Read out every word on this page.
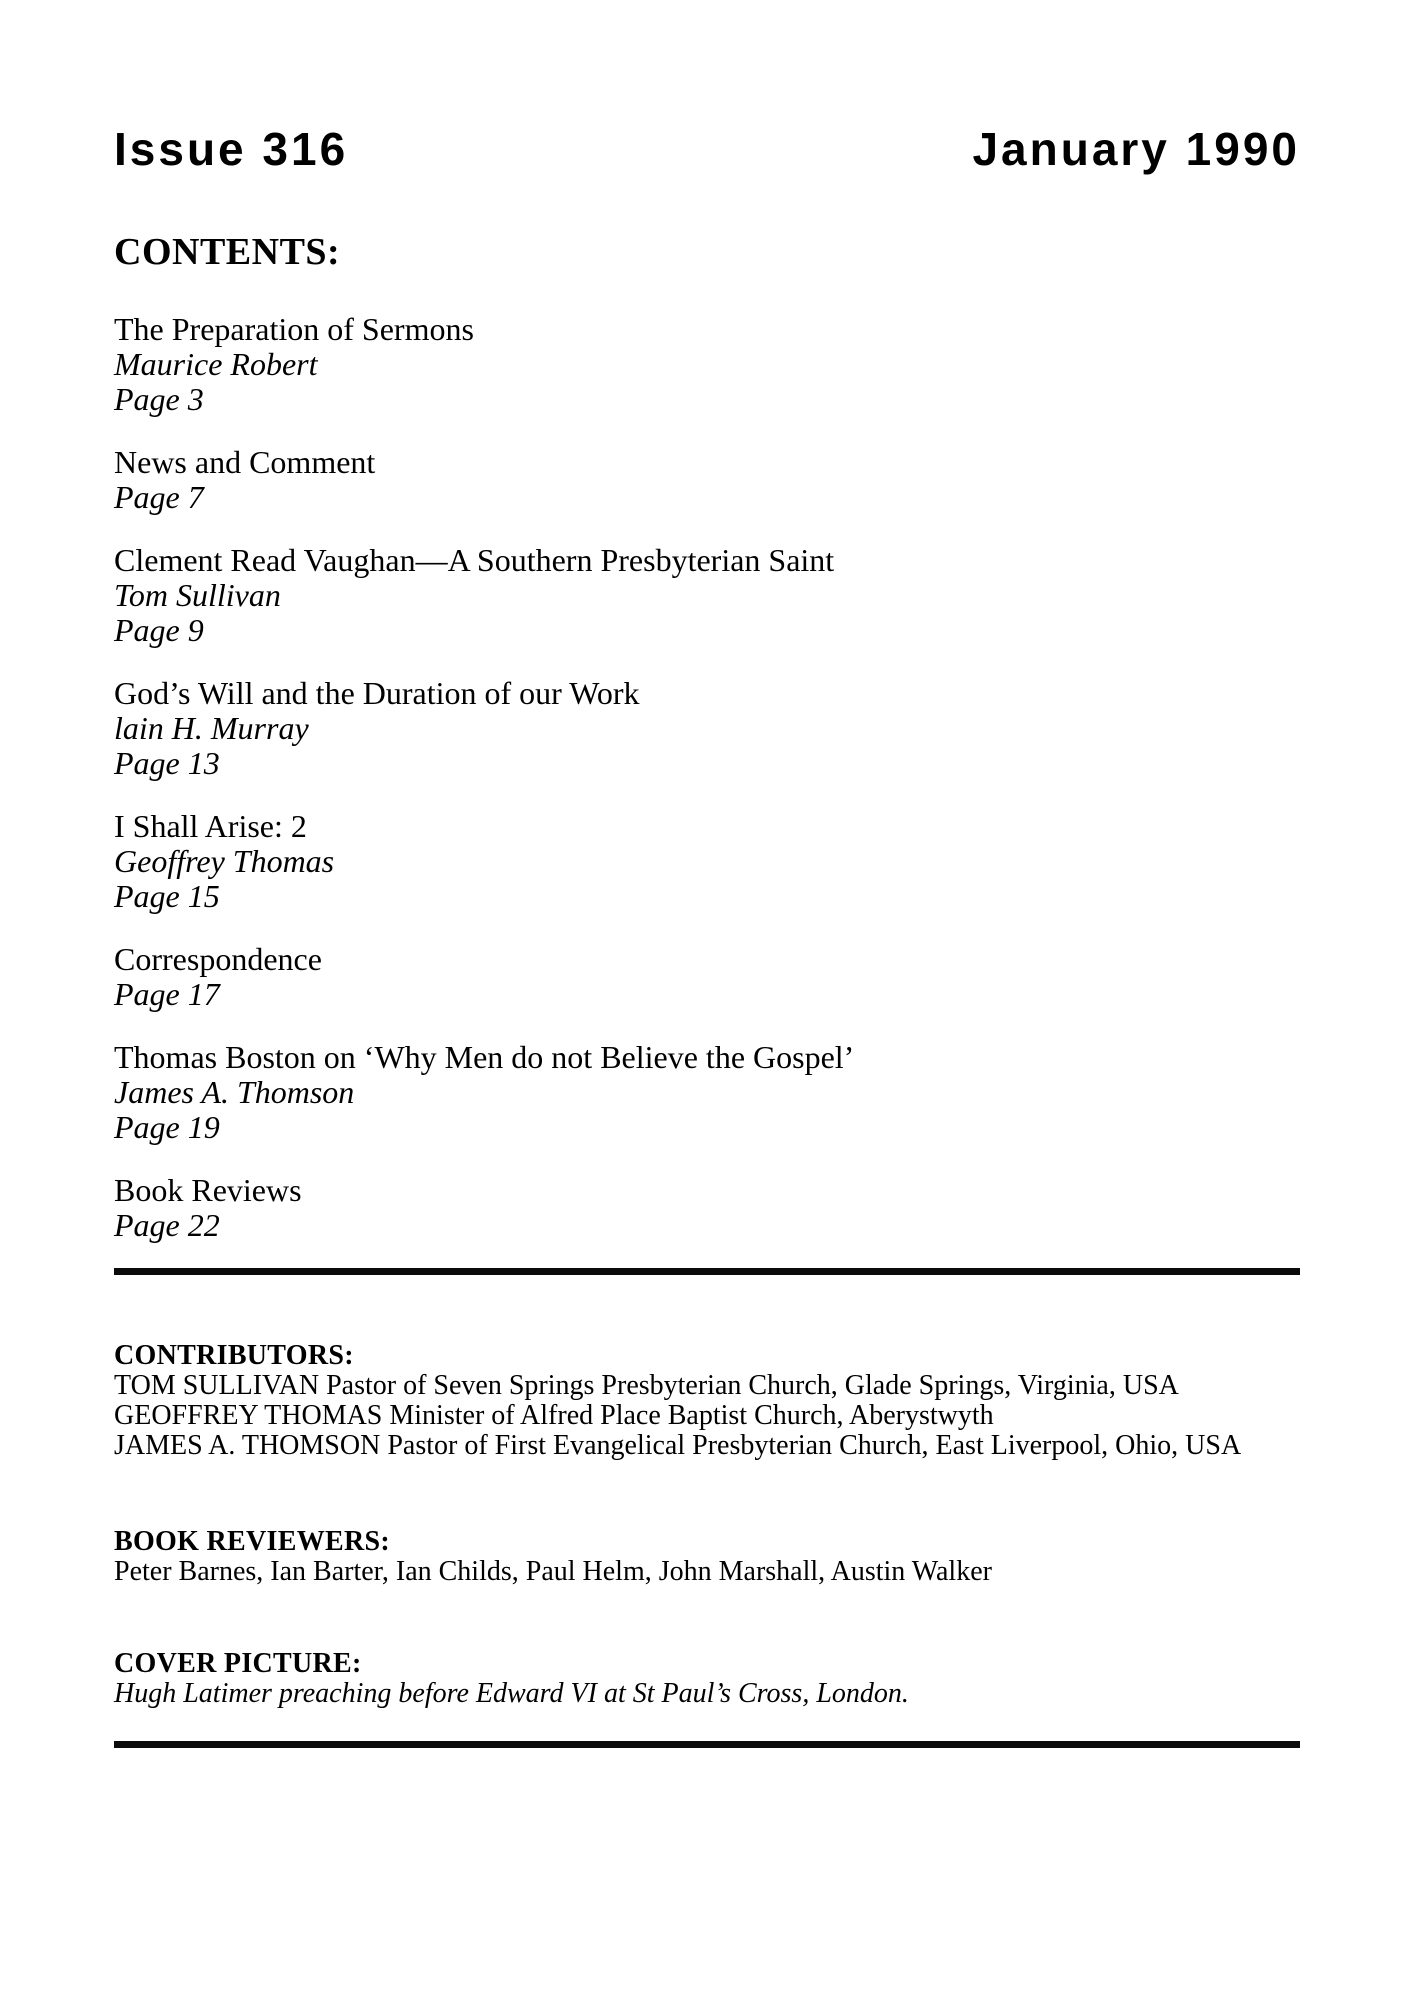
Issue 316	January 1990
CONTENTS:
The Preparation of Sermons
Maurice Robert
Page 3
News and Comment
Page 7
Clement Read Vaughan—A Southern Presbyterian Saint
Tom Sullivan
Page 9
God’s Will and the Duration of our Work
lain H. Murray
Page 13
I Shall Arise: 2
Geoffrey Thomas
Page 15
Correspondence
Page 17
Thomas Boston on ‘Why Men do not Believe the Gospel’
James A. Thomson
Page 19
Book Reviews
Page 22
CONTRIBUTORS:
TOM SULLIVAN Pastor of Seven Springs Presbyterian Church, Glade Springs, Virginia, USA
GEOFFREY THOMAS Minister of Alfred Place Baptist Church, Aberystwyth
JAMES A. THOMSON Pastor of First Evangelical Presbyterian Church, East Liverpool, Ohio, USA
BOOK REVIEWERS:
Peter Barnes, Ian Barter, Ian Childs, Paul Helm, John Marshall, Austin Walker
COVER PICTURE:
Hugh Latimer preaching before Edward VI at St Paul’s Cross, London.
